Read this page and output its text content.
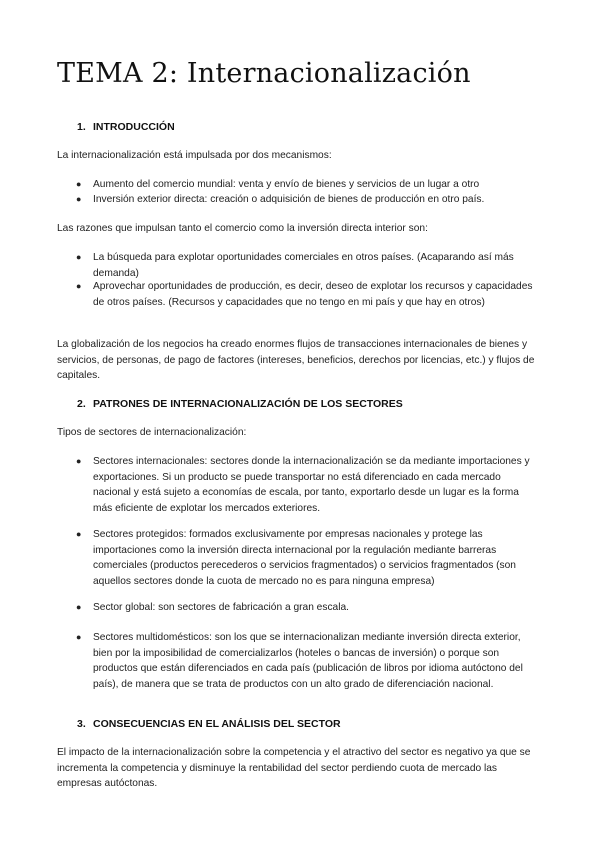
TEMA 2: Internacionalización
1. INTRODUCCIÓN
La internacionalización está impulsada por dos mecanismos:
● Aumento del comercio mundial: venta y envío de bienes y servicios de un lugar a otro
● Inversión exterior directa: creación o adquisición de bienes de producción en otro país.
Las razones que impulsan tanto el comercio como la inversión directa interior son:
● La búsqueda para explotar oportunidades comerciales en otros países. (Acaparando así más demanda)
● Aprovechar oportunidades de producción, es decir, deseo de explotar los recursos y capacidades de otros países. (Recursos y capacidades que no tengo en mi país y que hay en otros)
La globalización de los negocios ha creado enormes flujos de transacciones internacionales de bienes y servicios, de personas, de pago de factores (intereses, beneficios, derechos por licencias, etc.) y flujos de capitales.
2. PATRONES DE INTERNACIONALIZACIÓN DE LOS SECTORES
Tipos de sectores de internacionalización:
● Sectores internacionales: sectores donde la internacionalización se da mediante importaciones y exportaciones. Si un producto se puede transportar no está diferenciado en cada mercado nacional y está sujeto a economías de escala, por tanto, exportarlo desde un lugar es la forma más eficiente de explotar los mercados exteriores.
● Sectores protegidos: formados exclusivamente por empresas nacionales y protege las importaciones como la inversión directa internacional por la regulación mediante barreras comerciales (productos perecederos o servicios fragmentados) o servicios fragmentados (son aquellos sectores donde la cuota de mercado no es para ninguna empresa)
● Sector global: son sectores de fabricación a gran escala.
● Sectores multidomésticos: son los que se internacionalizan mediante inversión directa exterior, bien por la imposibilidad de comercializarlos (hoteles o bancas de inversión) o porque son productos que están diferenciados en cada país (publicación de libros por idioma autóctono del país), de manera que se trata de productos con un alto grado de diferenciación nacional.
3. CONSECUENCIAS EN EL ANÁLISIS DEL SECTOR
El impacto de la internacionalización sobre la competencia y el atractivo del sector es negativo ya que se incrementa la competencia y disminuye la rentabilidad del sector perdiendo cuota de mercado las empresas autóctonas.
